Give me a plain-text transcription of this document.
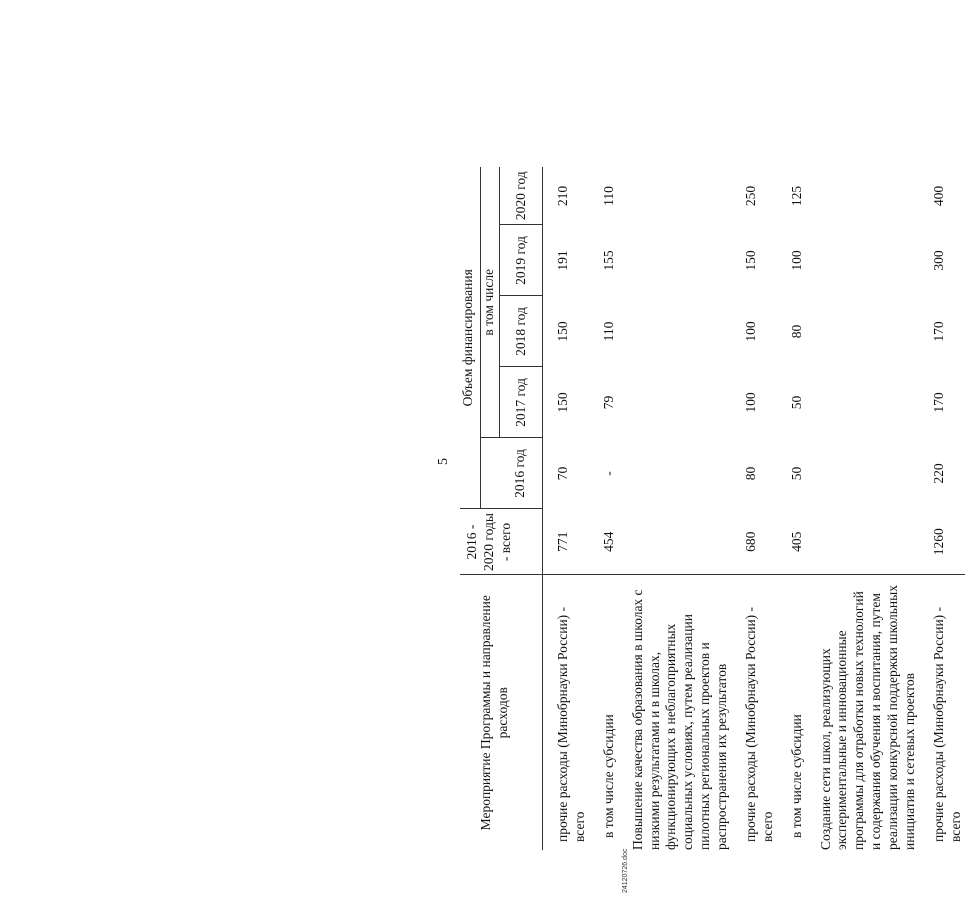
5
Мероприятие Программы и направление расходов	2016 - 2020 годы - всего	Объем финансирования				
			в том числе			
		2016 год	2017 год	2018 год	2019 год	2020 год
прочие расходы (Минобрнауки России) - всего	771	70	150	150	191	210
в том числе субсидии	454	-	79	110	155	110
Повышение качества образования в школах с низкими результатами и в школах, функционирующих в неблагоприятных социальных условиях, путем реализации пилотных региональных проектов и распространения их результатов						
прочие расходы (Минобрнауки России) - всего	680	80	100	100	150	250
в том числе субсидии	405	50	50	80	100	125
Создание сети школ, реализующих экспериментальные и инновационные программы для отработки новых технологий и содержания обучения и воспитания, путем реализации конкурсной поддержки школьных инициатив и сетевых проектов						
прочие расходы (Минобрнауки России) - всего	1260	220	170	170	300	400
24120726.doc
